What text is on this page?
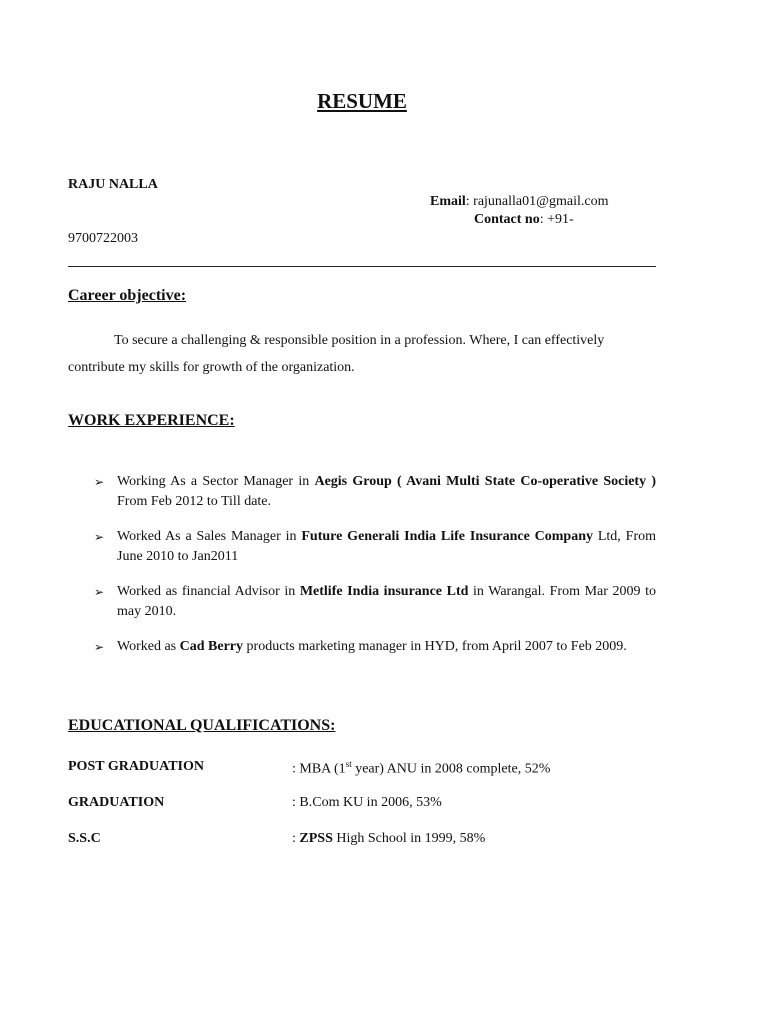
RESUME
RAJU NALLA
Email: rajunalla01@gmail.com
Contact no: +91-
9700722003
Career objective:
To secure a challenging & responsible position in a profession. Where, I can effectively
contribute my skills for growth of the organization.
WORK EXPERIENCE:
➢ Working As a Sector Manager in Aegis Group ( Avani Multi State Co-operative Society ) From Feb 2012 to Till date.
➢ Worked As a Sales Manager in Future Generali India Life Insurance Company Ltd, From June 2010 to Jan2011
➢ Worked as financial Advisor in Metlife India insurance Ltd in Warangal. From Mar 2009 to may 2010.
➢ Worked as Cad Berry products marketing manager in HYD, from April 2007 to Feb 2009.
EDUCATIONAL QUALIFICATIONS:
POST GRADUATION	: MBA (1st year) ANU in 2008 complete, 52%
GRADUATION	: B.Com KU in 2006, 53%
S.S.C	: ZPSS High School in 1999, 58%
